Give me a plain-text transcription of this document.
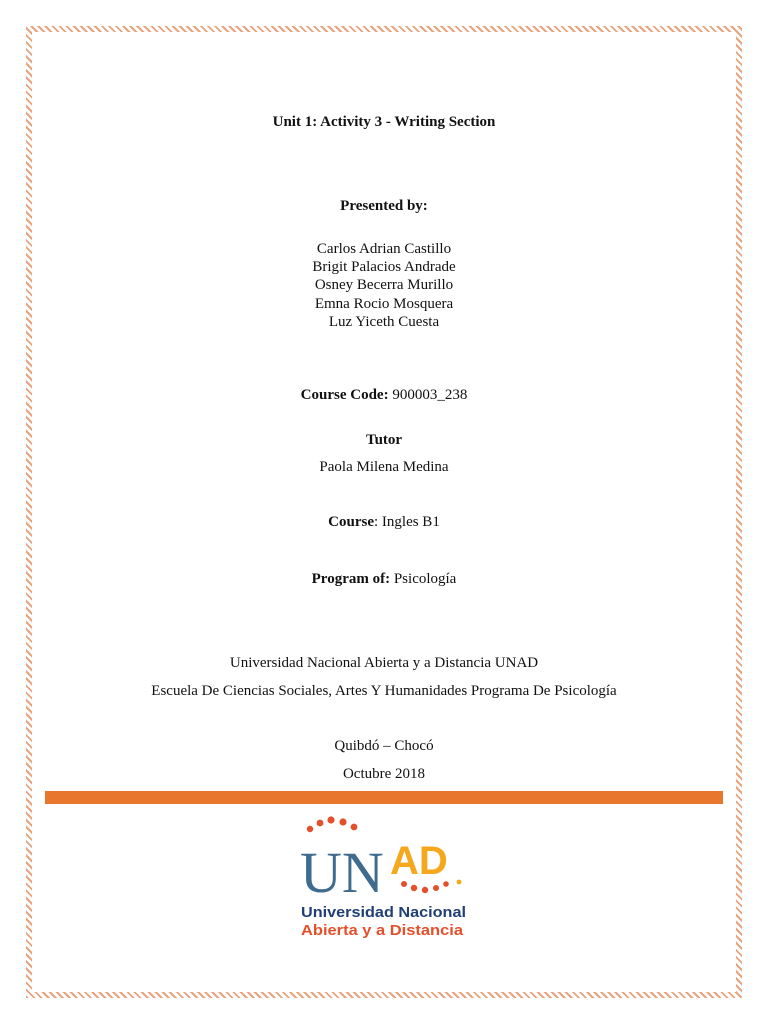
Unit 1: Activity 3 - Writing Section
Presented by:
Carlos Adrian Castillo
Brigit Palacios Andrade
Osney Becerra Murillo
Emna Rocio Mosquera
Luz Yiceth Cuesta
Course Code: 900003_238
Tutor
Paola Milena Medina
Course: Ingles B1
Program of: Psicología
Universidad Nacional Abierta y a Distancia UNAD
Escuela De Ciencias Sociales, Artes Y Humanidades Programa De Psicología
Quibdó – Chocó
Octubre 2018
UN AD
Universidad Nacional
Abierta y a Distancia
